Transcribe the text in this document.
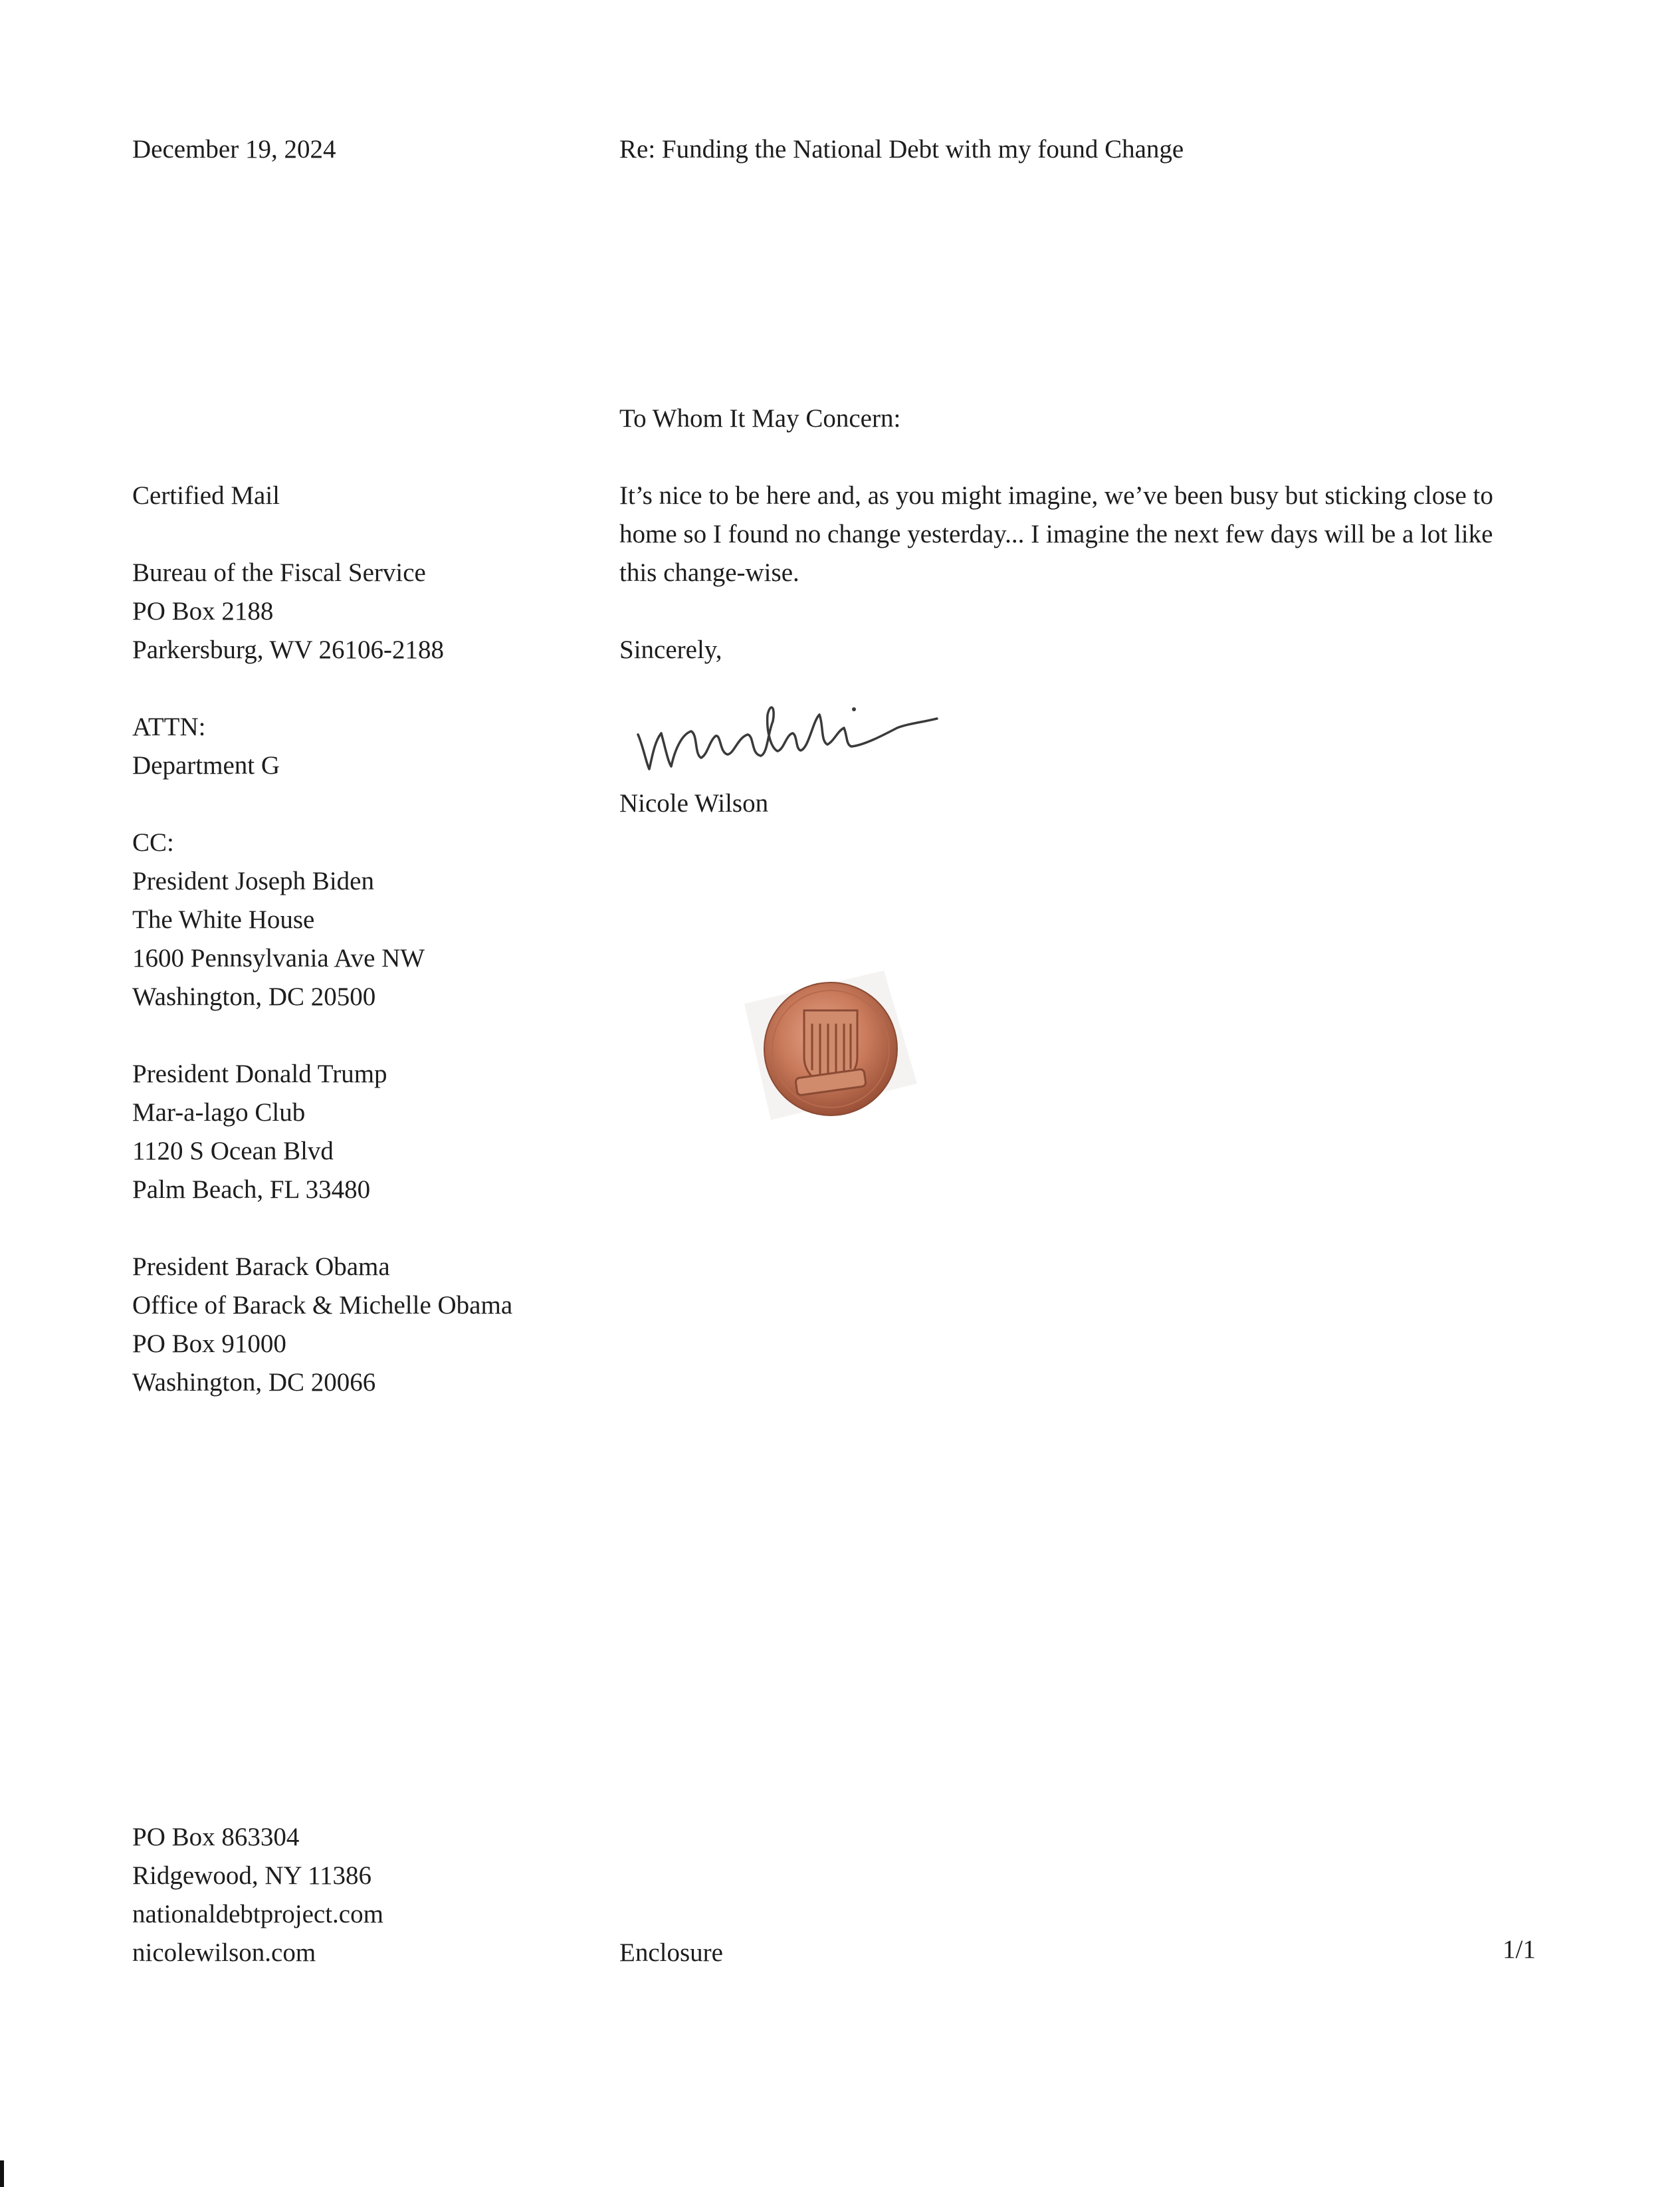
December 19, 2024	Re: Funding the National Debt with my found Change
To Whom It May Concern:
Certified Mail
Bureau of the Fiscal Service
PO Box 2188
Parkersburg, WV 26106-2188
ATTN:
Department G
CC:
President Joseph Biden
The White House
1600 Pennsylvania Ave NW
Washington, DC 20500
President Donald Trump
Mar-a-lago Club
1120 S Ocean Blvd
Palm Beach, FL 33480
President Barack Obama
Office of Barack & Michelle Obama
PO Box 91000
Washington, DC 20066
It’s nice to be here and, as you might imagine, we’ve been busy but sticking close to
home so I found no change yesterday... I imagine the next few days will be a lot like
this change-wise.
Sincerely,
Nicole Wilson
PO Box 863304
Ridgewood, NY 11386
nationaldebtproject.com
nicolewilson.com	Enclosure	1/1
